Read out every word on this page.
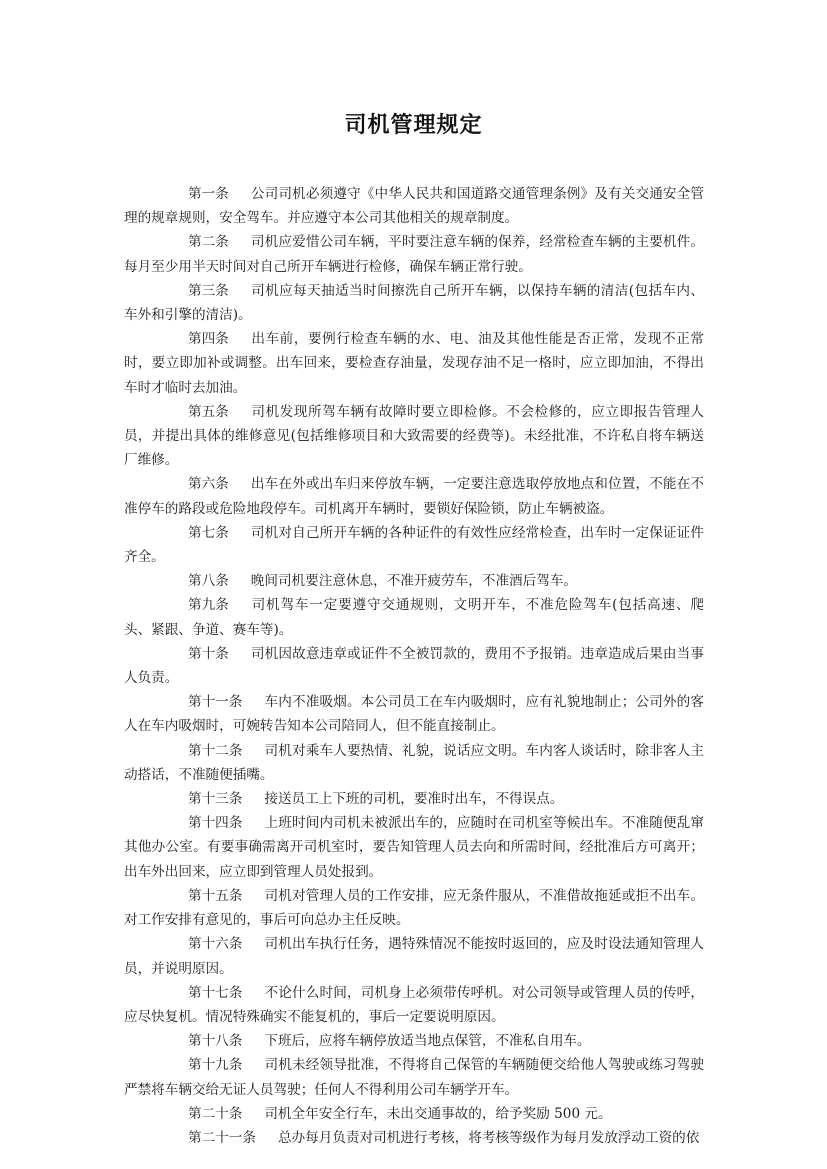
司机管理规定

第一条 公司司机必须遵守《中华人民共和国道路交通管理条例》及有关交通安全管理的规章规则，安全驾车。并应遵守本公司其他相关的规章制度。

第二条 司机应爱惜公司车辆，平时要注意车辆的保养，经常检查车辆的主要机件。每月至少用半天时间对自己所开车辆进行检修，确保车辆正常行驶。

第三条 司机应每天抽适当时间擦洗自己所开车辆，以保持车辆的清洁(包括车内、车外和引擎的清洁)。

第四条 出车前，要例行检查车辆的水、电、油及其他性能是否正常，发现不正常时，要立即加补或调整。出车回来，要检查存油量，发现存油不足一格时，应立即加油，不得出车时才临时去加油。

第五条 司机发现所驾车辆有故障时要立即检修。不会检修的，应立即报告管理人员，并提出具体的维修意见(包括维修项目和大致需要的经费等)。未经批准，不许私自将车辆送厂维修。

第六条 出车在外或出车归来停放车辆，一定要注意选取停放地点和位置，不能在不准停车的路段或危险地段停车。司机离开车辆时，要锁好保险锁，防止车辆被盗。

第七条 司机对自己所开车辆的各种证件的有效性应经常检查，出车时一定保证证件齐全。

第八条 晚间司机要注意休息，不准开疲劳车，不准酒后驾车。

第九条 司机驾车一定要遵守交通规则，文明开车，不准危险驾车(包括高速、爬头、紧跟、争道、赛车等)。

第十条 司机因故意违章或证件不全被罚款的，费用不予报销。违章造成后果由当事人负责。

第十一条 车内不准吸烟。本公司员工在车内吸烟时，应有礼貌地制止；公司外的客人在车内吸烟时，可婉转告知本公司陪同人，但不能直接制止。

第十二条 司机对乘车人要热情、礼貌，说话应文明。车内客人谈话时，除非客人主动搭话，不准随便插嘴。

第十三条 接送员工上下班的司机，要准时出车，不得误点。

第十四条 上班时间内司机未被派出车的，应随时在司机室等候出车。不准随便乱窜其他办公室。有要事确需离开司机室时，要告知管理人员去向和所需时间，经批准后方可离开；出车外出回来，应立即到管理人员处报到。

第十五条 司机对管理人员的工作安排，应无条件服从，不准借故拖延或拒不出车。对工作安排有意见的，事后可向总办主任反映。

第十六条 司机出车执行任务，遇特殊情况不能按时返回的，应及时设法通知管理人员，并说明原因。

第十七条 不论什么时间，司机身上必须带传呼机。对公司领导或管理人员的传呼，应尽快复机。情况特殊确实不能复机的，事后一定要说明原因。

第十八条 下班后，应将车辆停放适当地点保管，不准私自用车。

第十九条 司机未经领导批准，不得将自己保管的车辆随便交给他人驾驶或练习驾驶严禁将车辆交给无证人员驾驶；任何人不得利用公司车辆学开车。

第二十条 司机全年安全行车，未出交通事故的，给予奖励 500 元。

第二十一条 总办每月负责对司机进行考核，将考核等级作为每月发放浮动工资的依
